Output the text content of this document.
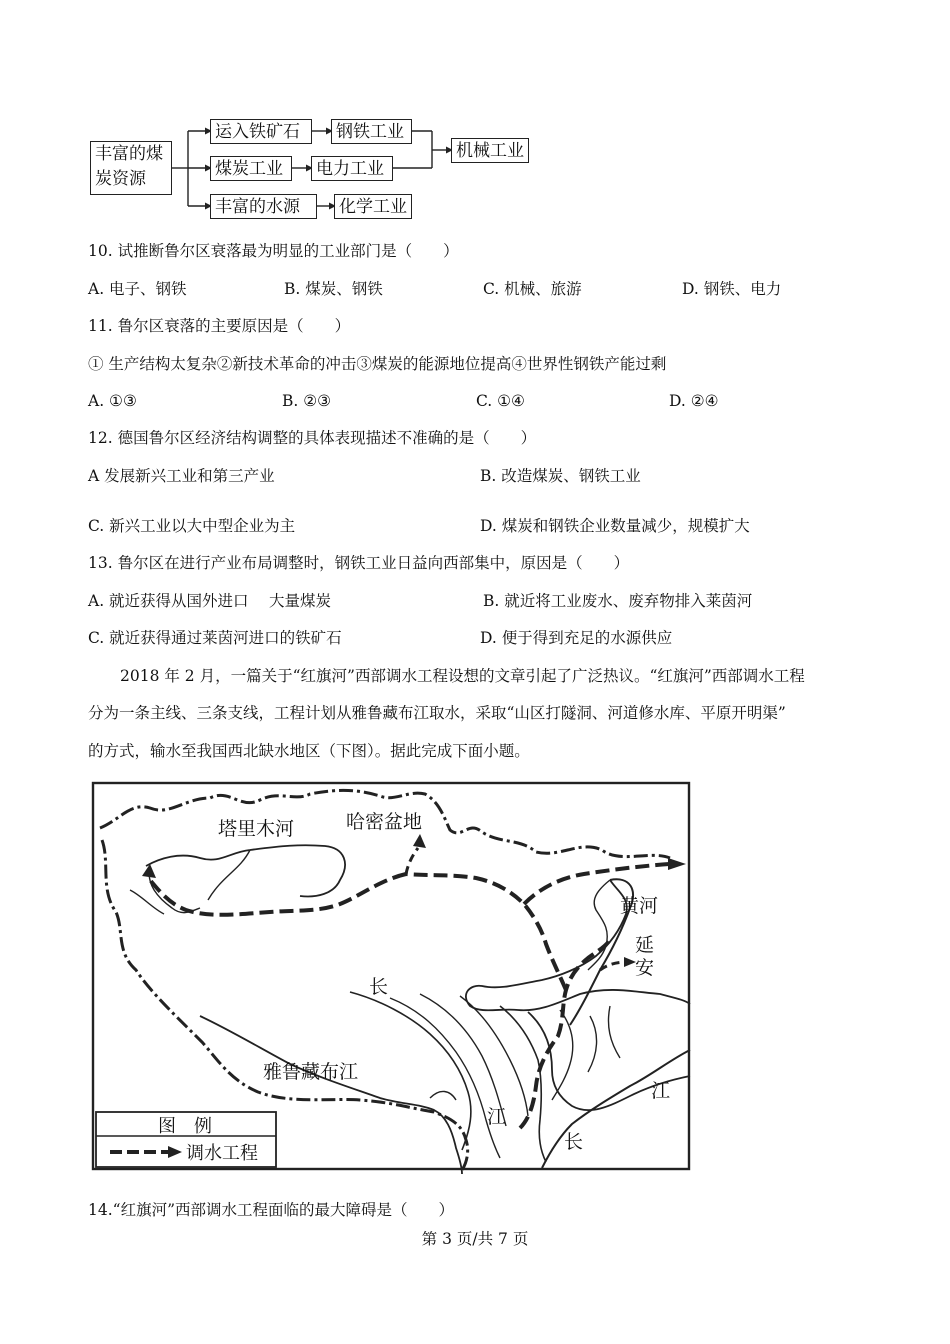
丰富的煤
炭资源
运入铁矿石	钢铁工业
煤炭工业	电力工业
丰富的水源	化学工业
机械工业
10. 试推断鲁尔区衰落最为明显的工业部门是（　　）
A. 电子、钢铁	B. 煤炭、钢铁	C. 机械、旅游	D. 钢铁、电力
11. 鲁尔区衰落的主要原因是（　　）
① 生产结构太复杂②新技术革命的冲击③煤炭的能源地位提高④世界性钢铁产能过剩
A. ①③	B. ②③	C. ①④	D. ②④
12. 德国鲁尔区经济结构调整的具体表现描述不准确的是（　　）
A 发展新兴工业和第三产业	B. 改造煤炭、钢铁工业
C. 新兴工业以大中型企业为主	D. 煤炭和钢铁企业数量减少，规模扩大
13. 鲁尔区在进行产业布局调整时，钢铁工业日益向西部集中，原因是（　　）
A. 就近获得从国外进口　 大量煤炭	B. 就近将工业废水、废弃物排入莱茵河
C. 就近获得通过莱茵河进口的铁矿石	D. 便于得到充足的水源供应
2018 年 2 月，一篇关于“红旗河”西部调水工程设想的文章引起了广泛热议。“红旗河”西部调水工程
分为一条主线、三条支线，工程计划从雅鲁藏布江取水，采取“山区打隧洞、河道修水库、平原开明渠”
的方式，输水至我国西北缺水地区（下图）。据此完成下面小题。
塔里木河	哈密盆地
黄河
延
安
长
雅鲁藏布江
江
江
长
图　例
调水工程
14.“红旗河”西部调水工程面临的最大障碍是（　　）
第 3 页/共 7 页
